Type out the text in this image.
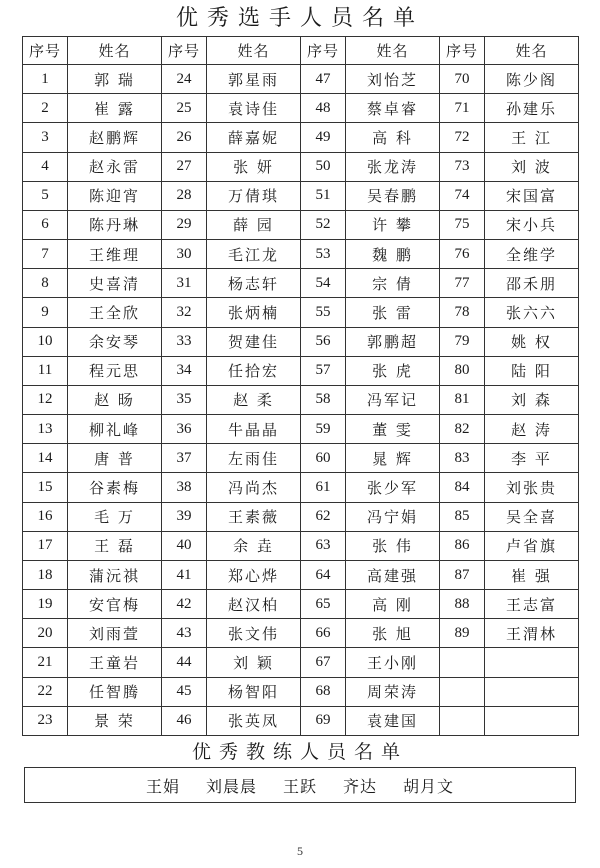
优秀选手人员名单
序号	姓名	序号	姓名	序号	姓名	序号	姓名
1	郭 瑞	24	郭星雨	47	刘怡芝	70	陈少阁
2	崔 露	25	袁诗佳	48	蔡卓睿	71	孙建乐
3	赵鹏辉	26	薛嘉妮	49	高 科	72	王 江
4	赵永雷	27	张 妍	50	张龙涛	73	刘 波
5	陈迎宵	28	万倩琪	51	吴春鹏	74	宋国富
6	陈丹琳	29	薛 园	52	许 攀	75	宋小兵
7	王维理	30	毛江龙	53	魏 鹏	76	全维学
8	史喜清	31	杨志轩	54	宗 倩	77	邵禾朋
9	王全欣	32	张炳楠	55	张 雷	78	张六六
10	余安琴	33	贺建佳	56	郭鹏超	79	姚 权
11	程元思	34	任拾宏	57	张 虎	80	陆 阳
12	赵 旸	35	赵 柔	58	冯军记	81	刘 森
13	柳礼峰	36	牛晶晶	59	董 雯	82	赵 涛
14	唐 普	37	左雨佳	60	晁 辉	83	李 平
15	谷素梅	38	冯尚杰	61	张少军	84	刘张贵
16	毛 万	39	王素薇	62	冯宁娟	85	吴全喜
17	王 磊	40	余 垚	63	张 伟	86	卢省旗
18	蒲沅祺	41	郑心烨	64	高建强	87	崔 强
19	安官梅	42	赵汉柏	65	高 刚	88	王志富
20	刘雨萱	43	张文伟	66	张 旭	89	王渭林
21	王童岩	44	刘 颖	67	王小刚		
22	任智腾	45	杨智阳	68	周荣涛		
23	景 荣	46	张英凤	69	袁建国		
优秀教练人员名单
王娟 刘晨晨 王跃 齐达 胡月文
5
